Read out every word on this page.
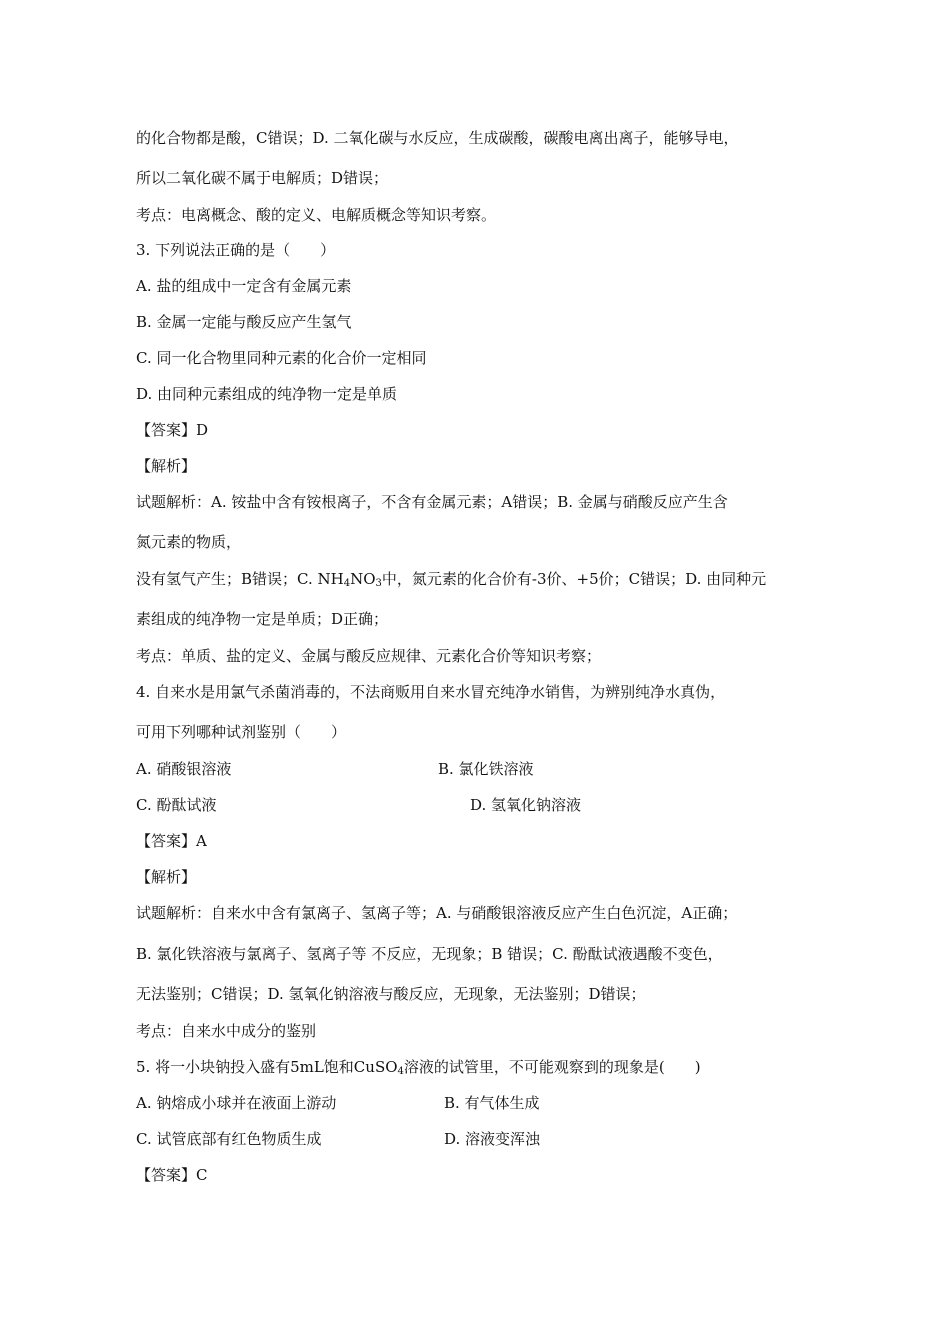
的化合物都是酸，C错误；D. 二氧化碳与水反应，生成碳酸，碳酸电离出离子，能够导电，
所以二氧化碳不属于电解质；D错误；
考点：电离概念、酸的定义、电解质概念等知识考察。
3. 下列说法正确的是（　　）
A. 盐的组成中一定含有金属元素
B. 金属一定能与酸反应产生氢气
C. 同一化合物里同种元素的化合价一定相同
D. 由同种元素组成的纯净物一定是单质
【答案】D
【解析】
试题解析：A. 铵盐中含有铵根离子，不含有金属元素；A错误；B. 金属与硝酸反应产生含
氮元素的物质，
没有氢气产生；B错误；C. $NH_4NO_3$中，氮元素的化合价有-3价、+5价；C错误；D. 由同种元
素组成的纯净物一定是单质；D正确；
考点：单质、盐的定义、金属与酸反应规律、元素化合价等知识考察；
4. 自来水是用氯气杀菌消毒的，不法商贩用自来水冒充纯净水销售，为辨别纯净水真伪，
可用下列哪种试剂鉴别（　　）
A. 硝酸银溶液	B. 氯化铁溶液
C. 酚酞试液	D. 氢氧化钠溶液
【答案】A
【解析】
试题解析：自来水中含有氯离子、氢离子等；A. 与硝酸银溶液反应产生白色沉淀，A正确；
B. 氯化铁溶液与氯离子、氢离子等 不反应，无现象；B 错误；C. 酚酞试液遇酸不变色，
无法鉴别；C错误；D. 氢氧化钠溶液与酸反应，无现象，无法鉴别；D错误；
考点：自来水中成分的鉴别
5. 将一小块钠投入盛有5mL饱和CuSO$_4$溶液的试管里，不可能观察到的现象是(　　)
A. 钠熔成小球并在液面上游动	B. 有气体生成
C. 试管底部有红色物质生成	D. 溶液变浑浊
【答案】C
